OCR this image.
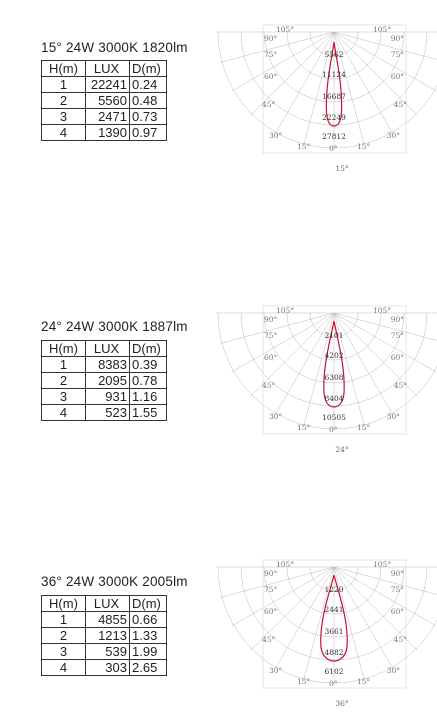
15° 24W 3000K 1820lm
H(m)	LUX	D(m)
1	22241	0.24
2	5560	0.48
3	2471	0.73
4	1390	0.97
105°	105°
90°	90°
75°	75°
60°	60°
45°	45°
30°	30°
15°	15°
0°
5562
11124
16687
22249
27812
15°
24° 24W 3000K 1887lm
H(m)	LUX	D(m)
1	8383	0.39
2	2095	0.78
3	931	1.16
4	523	1.55
105°	105°
90°	90°
75°	75°
60°	60°
45°	45°
30°	30°
15°	15°
0°
2101
4202
6308
8404
10505
24°
36° 24W 3000K 2005lm
H(m)	LUX	D(m)
1	4855	0.66
2	1213	1.33
3	539	1.99
4	303	2.65
105°	105°
90°	90°
75°	75°
60°	60°
45°	45°
30°	30°
15°	15°
0°
1220
2441
3661
4882
6102
36°
